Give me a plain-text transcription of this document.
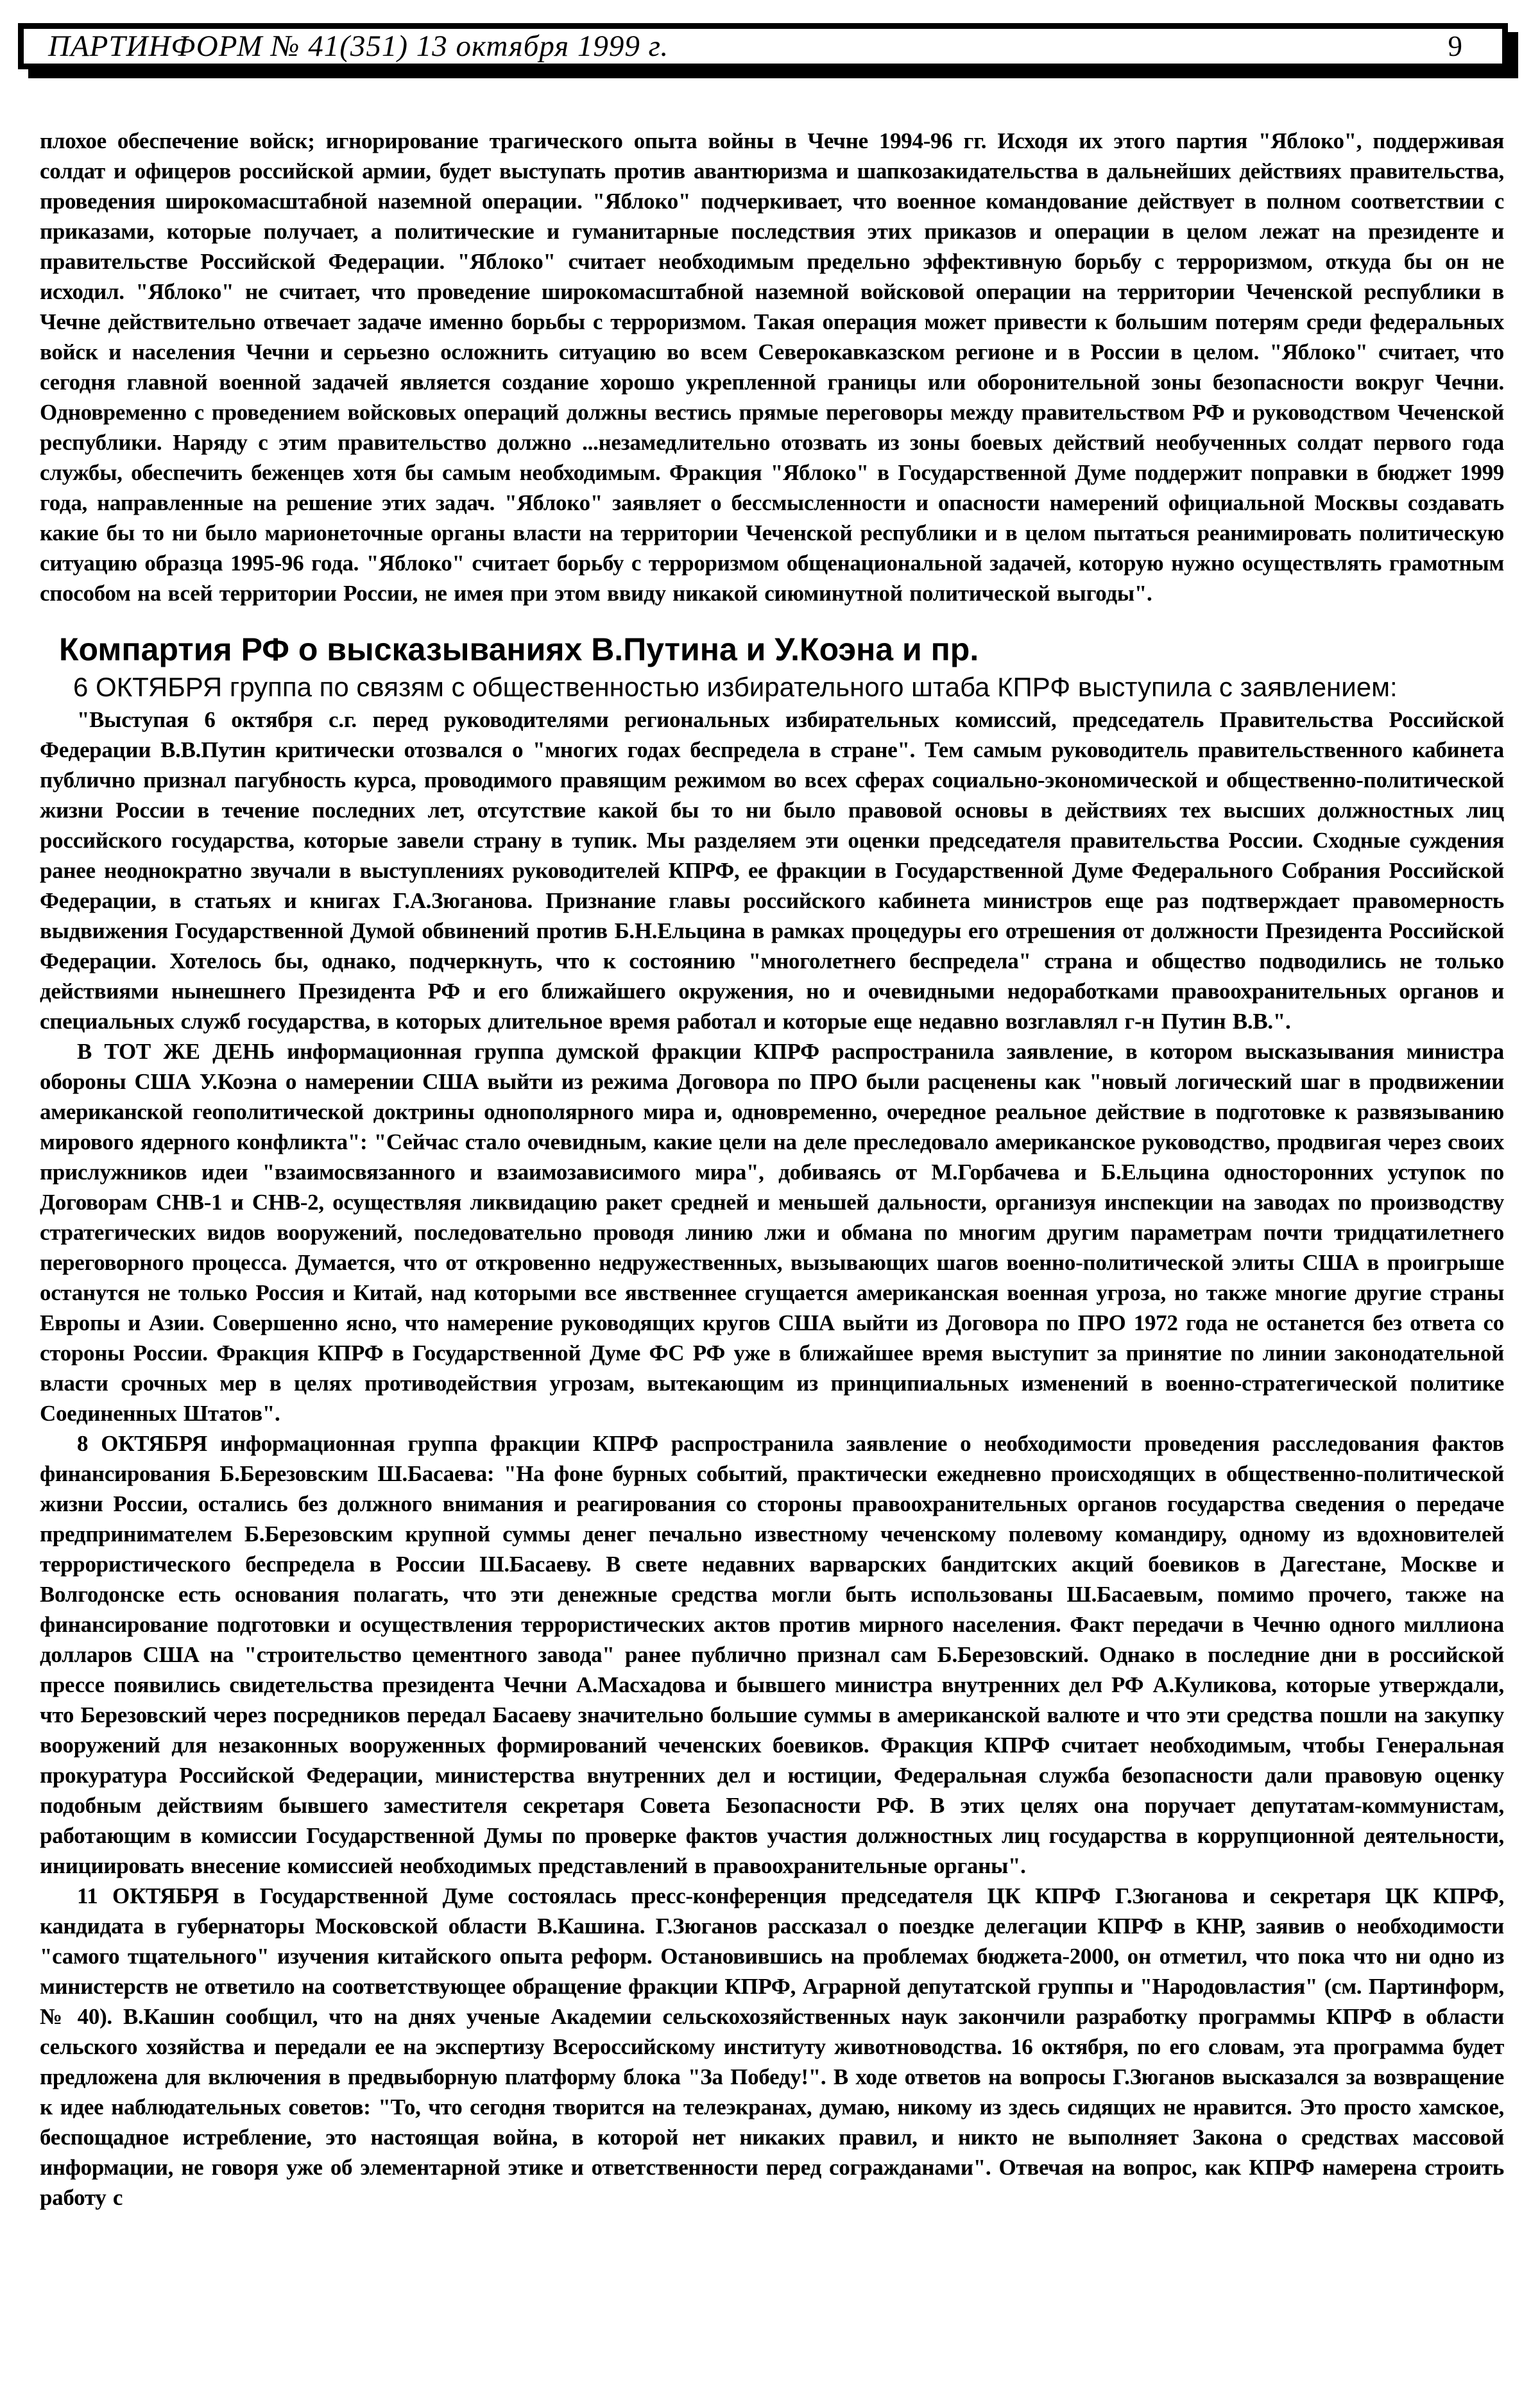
ПАРТИНФОРМ № 41(351) 13 октября 1999 г.	9

плохое обеспечение войск; игнорирование трагического опыта войны в Чечне 1994-96 гг. Исходя их этого партия "Яблоко", поддерживая солдат и офицеров российской армии, будет выступать против авантюризма и шапкозакидательства в дальнейших действиях правительства, проведения широкомасштабной наземной операции. "Яблоко" подчеркивает, что военное командование действует в полном соответствии с приказами, которые получает, а политические и гуманитарные последствия этих приказов и операции в целом лежат на президенте и правительстве Российской Федерации. "Яблоко" считает необходимым предельно эффективную борьбу с терроризмом, откуда бы он не исходил. "Яблоко" не считает, что проведение широкомасштабной наземной войсковой операции на территории Чеченской республики в Чечне действительно отвечает задаче именно борьбы с терроризмом. Такая операция может привести к большим потерям среди федеральных войск и населения Чечни и серьезно осложнить ситуацию во всем Северокавказском регионе и в России в целом. "Яблоко" считает, что сегодня главной военной задачей является создание хорошо укрепленной границы или оборонительной зоны безопасности вокруг Чечни. Одновременно с проведением войсковых операций должны вестись прямые переговоры между правительством РФ и руководством Чеченской республики. Наряду с этим правительство должно ...незамедлительно отозвать из зоны боевых действий необученных солдат первого года службы, обеспечить беженцев хотя бы самым необходимым. Фракция "Яблоко" в Государственной Думе поддержит поправки в бюджет 1999 года, направленные на решение этих задач. "Яблоко" заявляет о бессмысленности и опасности намерений официальной Москвы создавать какие бы то ни было марионеточные органы власти на территории Чеченской республики и в целом пытаться реанимировать политическую ситуацию образца 1995-96 года. "Яблоко" считает борьбу с терроризмом общенациональной задачей, которую нужно осуществлять грамотным способом на всей территории России, не имея при этом ввиду никакой сиюминутной политической выгоды".

Компартия РФ о высказываниях В.Путина и У.Коэна и пр.

6 ОКТЯБРЯ группа по связям с общественностью избирательного штаба КПРФ выступила с заявлением:

"Выступая 6 октября с.г. перед руководителями региональных избирательных комиссий, председатель Правительства Российской Федерации В.В.Путин критически отозвался о "многих годах беспредела в стране". Тем самым руководитель правительственного кабинета публично признал пагубность курса, проводимого правящим режимом во всех сферах социально-экономической и общественно-политической жизни России в течение последних лет, отсутствие какой бы то ни было правовой основы в действиях тех высших должностных лиц российского государства, которые завели страну в тупик. Мы разделяем эти оценки председателя правительства России. Сходные суждения ранее неоднократно звучали в выступлениях руководителей КПРФ, ее фракции в Государственной Думе Федерального Собрания Российской Федерации, в статьях и книгах Г.А.Зюганова. Признание главы российского кабинета министров еще раз подтверждает правомерность выдвижения Государственной Думой обвинений против Б.Н.Ельцина в рамках процедуры его отрешения от должности Президента Российской Федерации. Хотелось бы, однако, подчеркнуть, что к состоянию "многолетнего беспредела" страна и общество подводились не только действиями нынешнего Президента РФ и его ближайшего окружения, но и очевидными недоработками правоохранительных органов и специальных служб государства, в которых длительное время работал и которые еще недавно возглавлял г-н Путин В.В.".

В ТОТ ЖЕ ДЕНЬ информационная группа думской фракции КПРФ распространила заявление, в котором высказывания министра обороны США У.Коэна о намерении США выйти из режима Договора по ПРО были расценены как "новый логический шаг в продвижении американской геополитической доктрины однополярного мира и, одновременно, очередное реальное действие в подготовке к развязыванию мирового ядерного конфликта": "Сейчас стало очевидным, какие цели на деле преследовало американское руководство, продвигая через своих прислужников идеи "взаимосвязанного и взаимозависимого мира", добиваясь от М.Горбачева и Б.Ельцина односторонних уступок по Договорам СНВ-1 и СНВ-2, осуществляя ликвидацию ракет средней и меньшей дальности, организуя инспекции на заводах по производству стратегических видов вооружений, последовательно проводя линию лжи и обмана по многим другим параметрам почти тридцатилетнего переговорного процесса. Думается, что от откровенно недружественных, вызывающих шагов военно-политической элиты США в проигрыше останутся не только Россия и Китай, над которыми все явственнее сгущается американская военная угроза, но также многие другие страны Европы и Азии. Совершенно ясно, что намерение руководящих кругов США выйти из Договора по ПРО 1972 года не останется без ответа со стороны России. Фракция КПРФ в Государственной Думе ФС РФ уже в ближайшее время выступит за принятие по линии законодательной власти срочных мер в целях противодействия угрозам, вытекающим из принципиальных изменений в военно-стратегической политике Соединенных Штатов".

8 ОКТЯБРЯ информационная группа фракции КПРФ распространила заявление о необходимости проведения расследования фактов финансирования Б.Березовским Ш.Басаева: "На фоне бурных событий, практически ежедневно происходящих в общественно-политической жизни России, остались без должного внимания и реагирования со стороны правоохранительных органов государства сведения о передаче предпринимателем Б.Березовским крупной суммы денег печально известному чеченскому полевому командиру, одному из вдохновителей террористического беспредела в России Ш.Басаеву. В свете недавних варварских бандитских акций боевиков в Дагестане, Москве и Волгодонске есть основания полагать, что эти денежные средства могли быть использованы Ш.Басаевым, помимо прочего, также на финансирование подготовки и осуществления террористических актов против мирного населения. Факт передачи в Чечню одного миллиона долларов США на "строительство цементного завода" ранее публично признал сам Б.Березовский. Однако в последние дни в российской прессе появились свидетельства президента Чечни А.Масхадова и бывшего министра внутренних дел РФ А.Куликова, которые утверждали, что Березовский через посредников передал Басаеву значительно большие суммы в американской валюте и что эти средства пошли на закупку вооружений для незаконных вооруженных формирований чеченских боевиков. Фракция КПРФ считает необходимым, чтобы Генеральная прокуратура Российской Федерации, министерства внутренних дел и юстиции, Федеральная служба безопасности дали правовую оценку подобным действиям бывшего заместителя секретаря Совета Безопасности РФ. В этих целях она поручает депутатам-коммунистам, работающим в комиссии Государственной Думы по проверке фактов участия должностных лиц государства в коррупционной деятельности, инициировать внесение комиссией необходимых представлений в правоохранительные органы".

11 ОКТЯБРЯ в Государственной Думе состоялась пресс-конференция председателя ЦК КПРФ Г.Зюганова и секретаря ЦК КПРФ, кандидата в губернаторы Московской области В.Кашина. Г.Зюганов рассказал о поездке делегации КПРФ в КНР, заявив о необходимости "самого тщательного" изучения китайского опыта реформ. Остановившись на проблемах бюджета-2000, он отметил, что пока что ни одно из министерств не ответило на соответствующее обращение фракции КПРФ, Аграрной депутатской группы и "Народовластия" (см. Партинформ, № 40). В.Кашин сообщил, что на днях ученые Академии сельскохозяйственных наук закончили разработку программы КПРФ в области сельского хозяйства и передали ее на экспертизу Всероссийскому институту животноводства. 16 октября, по его словам, эта программа будет предложена для включения в предвыборную платформу блока "За Победу!". В ходе ответов на вопросы Г.Зюганов высказался за возвращение к идее наблюдательных советов: "То, что сегодня творится на телеэкранах, думаю, никому из здесь сидящих не нравится. Это просто хамское, беспощадное истребление, это настоящая война, в которой нет никаких правил, и никто не выполняет Закона о средствах массовой информации, не говоря уже об элементарной этике и ответственности перед согражданами". Отвечая на вопрос, как КПРФ намерена строить работу с
